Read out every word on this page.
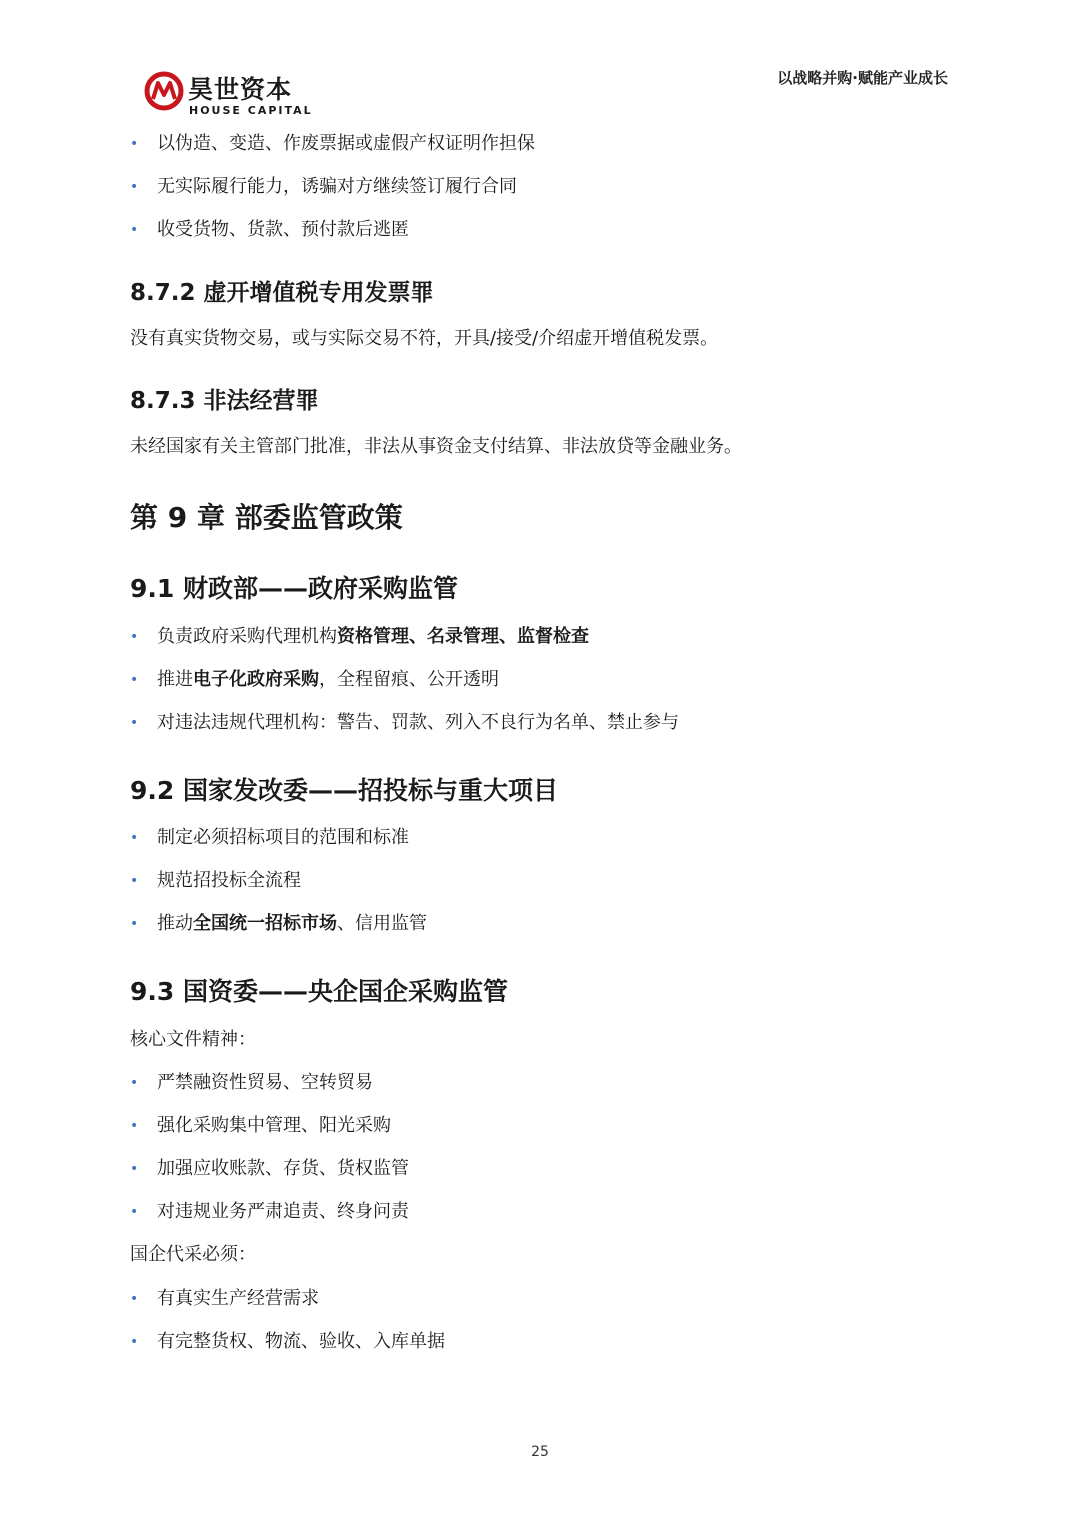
昊世资本
HOUSE CAPITAL
以战略并购·赋能产业成长
• 以伪造、变造、作废票据或虚假产权证明作担保
• 无实际履行能力，诱骗对方继续签订履行合同
• 收受货物、货款、预付款后逃匿
8.7.2 虚开增值税专用发票罪
没有真实货物交易，或与实际交易不符，开具/接受/介绍虚开增值税发票。
8.7.3 非法经营罪
未经国家有关主管部门批准，非法从事资金支付结算、非法放贷等金融业务。
第 9 章 部委监管政策
9.1 财政部——政府采购监管
• 负责政府采购代理机构资格管理、名录管理、监督检查
• 推进电子化政府采购，全程留痕、公开透明
• 对违法违规代理机构：警告、罚款、列入不良行为名单、禁止参与
9.2 国家发改委——招投标与重大项目
• 制定必须招标项目的范围和标准
• 规范招投标全流程
• 推动全国统一招标市场、信用监管
9.3 国资委——央企国企采购监管
核心文件精神：
• 严禁融资性贸易、空转贸易
• 强化采购集中管理、阳光采购
• 加强应收账款、存货、货权监管
• 对违规业务严肃追责、终身问责
国企代采必须：
• 有真实生产经营需求
• 有完整货权、物流、验收、入库单据
25
